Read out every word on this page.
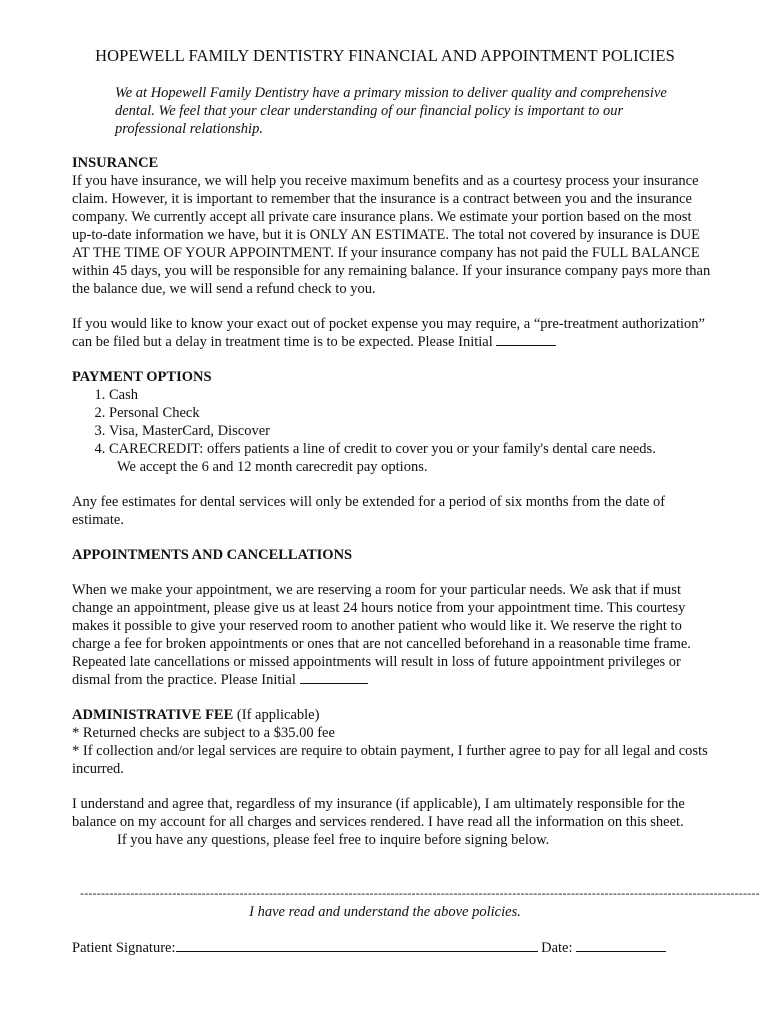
HOPEWELL FAMILY DENTISTRY FINANCIAL AND APPOINTMENT POLICIES
We at Hopewell Family Dentistry have a primary mission to deliver quality and comprehensive dental. We feel that your clear understanding of our financial policy is important to our professional relationship.

INSURANCE

If you have insurance, we will help you receive maximum benefits and as a courtesy process your insurance claim. However, it is important to remember that the insurance is a contract between you and the insurance company. We currently accept all private care insurance plans. We estimate your portion based on the most up-to-date information we have, but it is ONLY AN ESTIMATE. The total not covered by insurance is DUE AT THE TIME OF YOUR APPOINTMENT. If your insurance company has not paid the FULL BALANCE within 45 days, you will be responsible for any remaining balance. If your insurance company pays more than the balance due, we will send a refund check to you.

If you would like to know your exact out of pocket expense you may require, a “pre-treatment authorization” can be filed but a delay in treatment time is to be expected. Please Initial

PAYMENT OPTIONS

1. Cash
2. Personal Check
3. Visa, MasterCard, Discover
4. CARECREDIT: offers patients a line of credit to cover you or your family's dental care needs.

We accept the 6 and 12 month carecredit pay options.

Any fee estimates for dental services will only be extended for a period of six months from the date of estimate.

APPOINTMENTS AND CANCELLATIONS

When we make your appointment, we are reserving a room for your particular needs. We ask that if must change an appointment, please give us at least 24 hours notice from your appointment time. This courtesy makes it possible to give your reserved room to another patient who would like it. We reserve the right to charge a fee for broken appointments or ones that are not cancelled beforehand in a reasonable time frame. Repeated late cancellations or missed appointments will result in loss of future appointment privileges or dismal from the practice. Please Initial

ADMINISTRATIVE FEE (If applicable)

* Returned checks are subject to a $35.00 fee

* If collection and/or legal services are require to obtain payment, I further agree to pay for all legal and costs incurred.

I understand and agree that, regardless of my insurance (if applicable), I am ultimately responsible for the balance on my account for all charges and services rendered. I have read all the information on this sheet.

If you have any questions, please feel free to inquire before signing below.

------------------------------------------------------------------------------------------------------------------------------------------------------------------
I have read and understand the above policies.
Patient Signature:	Date:
